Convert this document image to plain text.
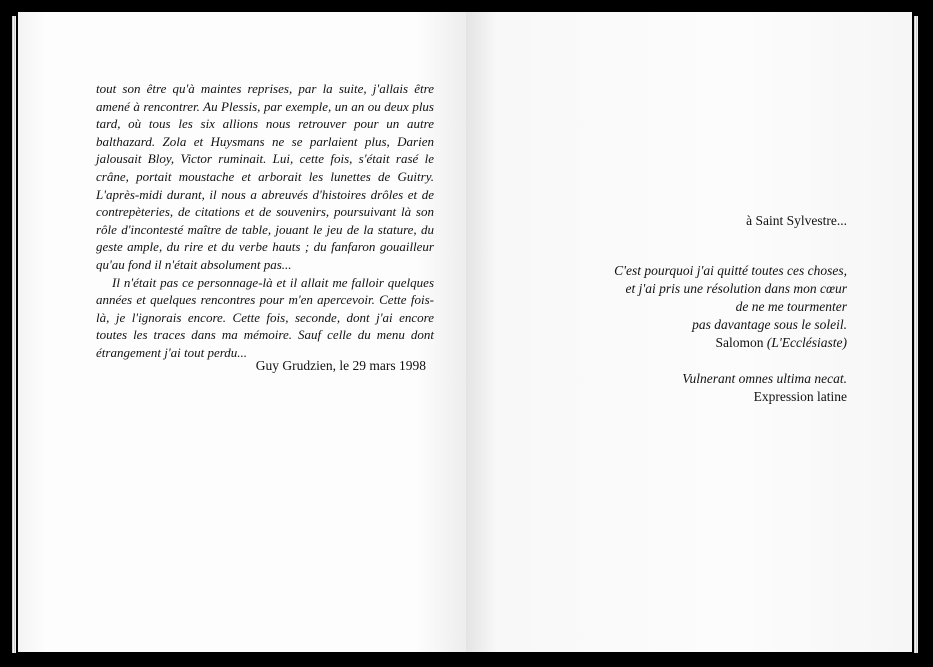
tout son être qu'à maintes reprises, par la suite, j'allais être amené à rencontrer. Au Plessis, par exemple, un an ou deux plus tard, où tous les six allions nous retrouver pour un autre balthazard. Zola et Huysmans ne se parlaient plus, Darien jalousait Bloy, Victor ruminait. Lui, cette fois, s'était rasé le crâne, portait moustache et arborait les lunettes de Guitry. L'après-midi durant, il nous a abreuvés d'histoires drôles et de contrepèteries, de citations et de souvenirs, poursuivant là son rôle d'incontesté maître de table, jouant le jeu de la stature, du geste ample, du rire et du verbe hauts ; du fanfaron gouailleur qu'au fond il n'était absolument pas...

Il n'était pas ce personnage-là et il allait me falloir quelques années et quelques rencontres pour m'en apercevoir. Cette fois-là, je l'ignorais encore. Cette fois, seconde, dont j'ai encore toutes les traces dans ma mémoire. Sauf celle du menu dont étrangement j'ai tout perdu...

Guy Grudzien, le 29 mars 1998
à Saint Sylvestre...
C'est pourquoi j'ai quitté toutes ces choses,
et j'ai pris une résolution dans mon cœur
de ne me tourmenter
pas davantage sous le soleil.
Salomon (L'Ecclésiaste)
Vulnerant omnes ultima necat.
Expression latine
